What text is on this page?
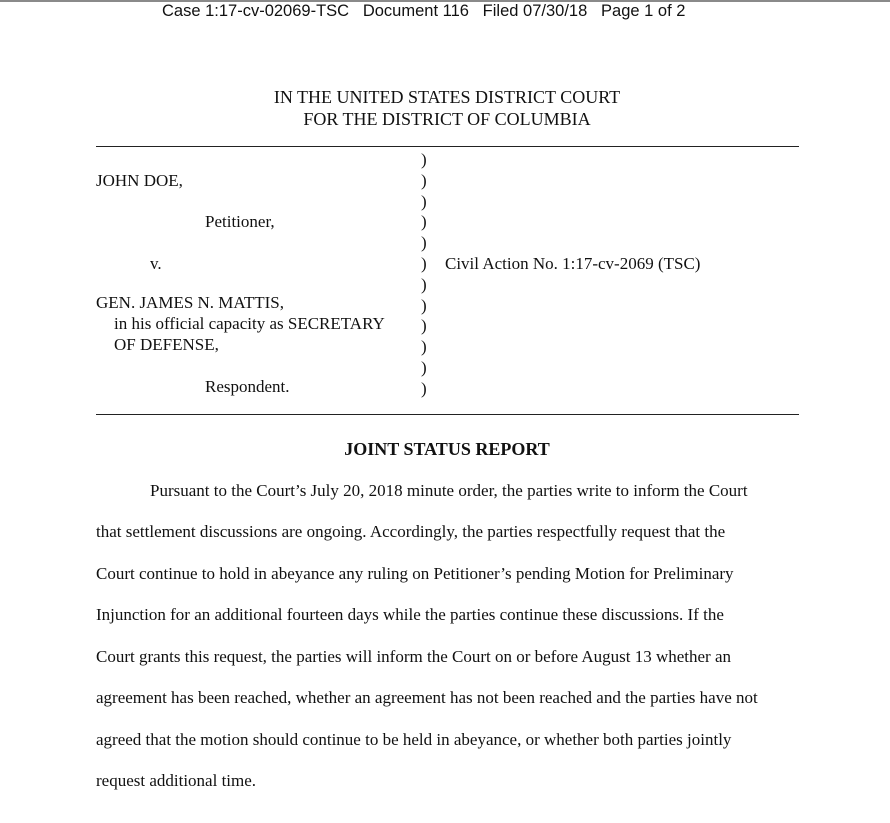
Case 1:17-cv-02069-TSC   Document 116   Filed 07/30/18   Page 1 of 2
IN THE UNITED STATES DISTRICT COURT
FOR THE DISTRICT OF COLUMBIA
JOHN DOE,
Petitioner,
v.
GEN. JAMES N. MATTIS,
in his official capacity as SECRETARY
OF DEFENSE,
Respondent.
)
)
)
)
)
)
)
)
)
)
)
)
Civil Action No. 1:17-cv-2069 (TSC)
JOINT STATUS REPORT
Pursuant to the Court’s July 20, 2018 minute order, the parties write to inform the Court
that settlement discussions are ongoing. Accordingly, the parties respectfully request that the
Court continue to hold in abeyance any ruling on Petitioner’s pending Motion for Preliminary
Injunction for an additional fourteen days while the parties continue these discussions. If the
Court grants this request, the parties will inform the Court on or before August 13 whether an
agreement has been reached, whether an agreement has not been reached and the parties have not
agreed that the motion should continue to be held in abeyance, or whether both parties jointly
request additional time.
